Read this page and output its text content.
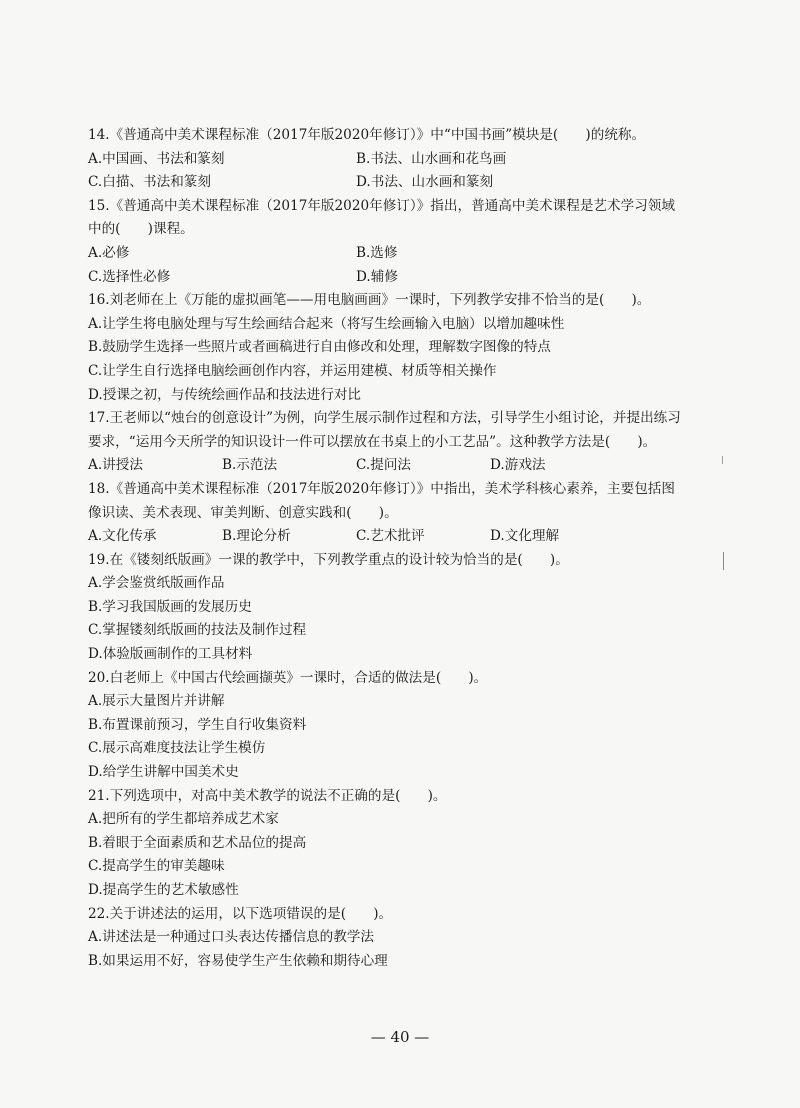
14.《普通高中美术课程标准（2017年版2020年修订）》中“中国书画”模块是(　　)的统称。

A.中国画、书法和篆刻	B.书法、山水画和花鸟画
C.白描、书法和篆刻	D.书法、山水画和篆刻

15.《普通高中美术课程标准（2017年版2020年修订）》指出，普通高中美术课程是艺术学习领域中的(　　)课程。

A.必修	B.选修
C.选择性必修	D.辅修

16.刘老师在上《万能的虚拟画笔——用电脑画画》一课时，下列教学安排不恰当的是(　　)。

A.让学生将电脑处理与写生绘画结合起来（将写生绘画输入电脑）以增加趣味性
B.鼓励学生选择一些照片或者画稿进行自由修改和处理，理解数字图像的特点
C.让学生自行选择电脑绘画创作内容，并运用建模、材质等相关操作
D.授课之初，与传统绘画作品和技法进行对比

17.王老师以“烛台的创意设计”为例，向学生展示制作过程和方法，引导学生小组讨论，并提出练习要求，“运用今天所学的知识设计一件可以摆放在书桌上的小工艺品”。这种教学方法是(　　)。

A.讲授法	B.示范法	C.提问法	D.游戏法

18.《普通高中美术课程标准（2017年版2020年修订）》中指出，美术学科核心素养，主要包括图像识读、美术表现、审美判断、创意实践和(　　)。

A.文化传承	B.理论分析	C.艺术批评	D.文化理解

19.在《镂刻纸版画》一课的教学中，下列教学重点的设计较为恰当的是(　　)。

A.学会鉴赏纸版画作品
B.学习我国版画的发展历史
C.掌握镂刻纸版画的技法及制作过程
D.体验版画制作的工具材料

20.白老师上《中国古代绘画撷英》一课时，合适的做法是(　　)。

A.展示大量图片并讲解
B.布置课前预习，学生自行收集资料
C.展示高难度技法让学生模仿
D.给学生讲解中国美术史

21.下列选项中，对高中美术教学的说法不正确的是(　　)。

A.把所有的学生都培养成艺术家
B.着眼于全面素质和艺术品位的提高
C.提高学生的审美趣味
D.提高学生的艺术敏感性

22.关于讲述法的运用，以下选项错误的是(　　)。

A.讲述法是一种通过口头表达传播信息的教学法
B.如果运用不好，容易使学生产生依赖和期待心理
— 40 —
